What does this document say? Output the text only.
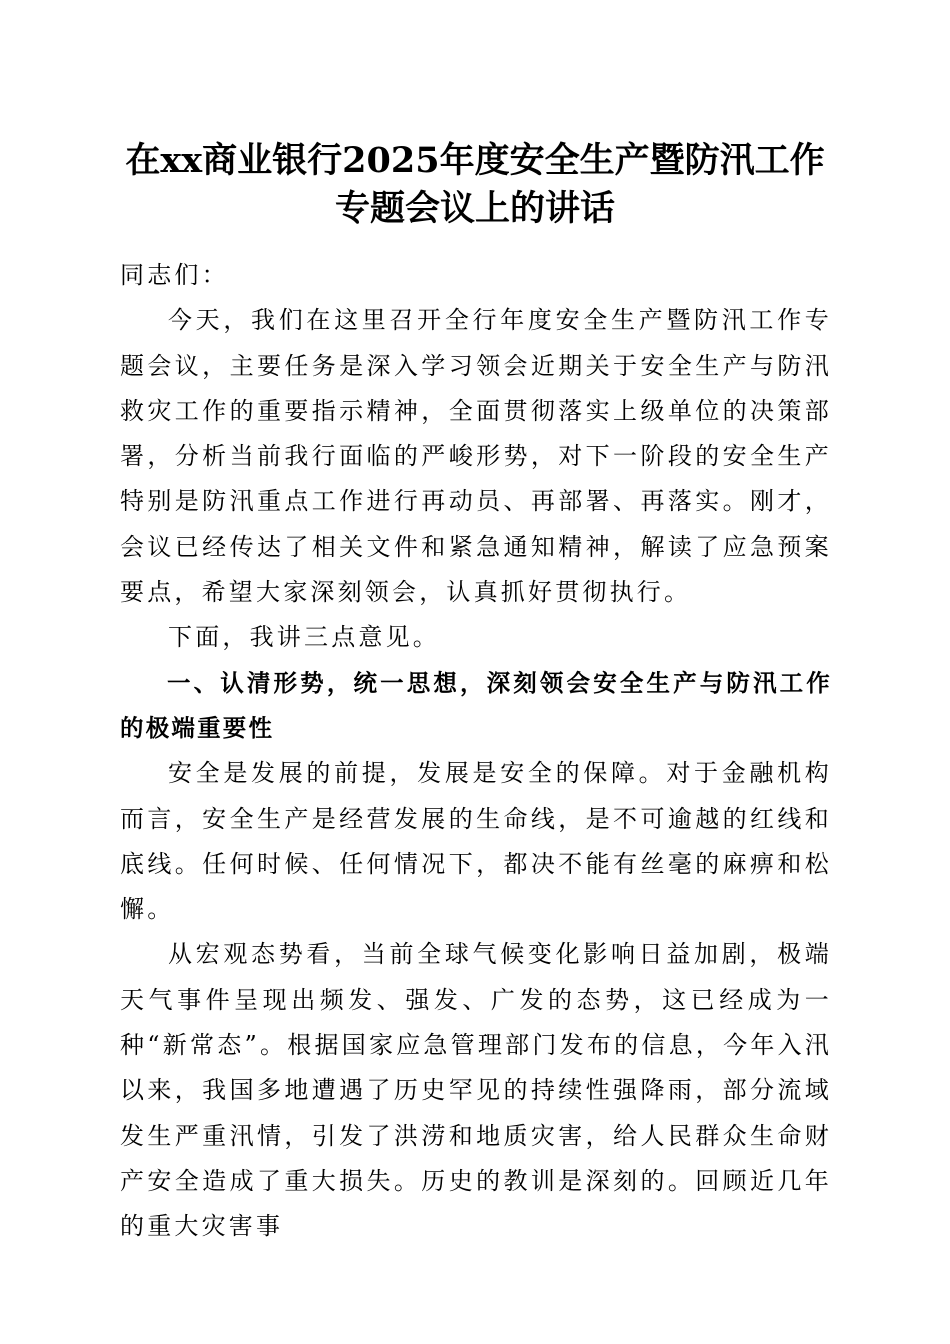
在xx商业银行2025年度安全生产暨防汛工作
专题会议上的讲话

同志们：

今天，我们在这里召开全行年度安全生产暨防汛工作专题会议，主要任务是深入学习领会近期关于安全生产与防汛救灾工作的重要指示精神，全面贯彻落实上级单位的决策部署，分析当前我行面临的严峻形势，对下一阶段的安全生产特别是防汛重点工作进行再动员、再部署、再落实。刚才，会议已经传达了相关文件和紧急通知精神，解读了应急预案要点，希望大家深刻领会，认真抓好贯彻执行。

下面，我讲三点意见。

一、认清形势，统一思想，深刻领会安全生产与防汛工作的极端重要性

安全是发展的前提，发展是安全的保障。对于金融机构而言，安全生产是经营发展的生命线，是不可逾越的红线和底线。任何时候、任何情况下，都决不能有丝毫的麻痹和松懈。

从宏观态势看，当前全球气候变化影响日益加剧，极端天气事件呈现出频发、强发、广发的态势，这已经成为一种“新常态”。根据国家应急管理部门发布的信息，今年入汛以来，我国多地遭遇了历史罕见的持续性强降雨，部分流域发生严重汛情，引发了洪涝和地质灾害，给人民群众生命财产安全造成了重大损失。历史的教训是深刻的。回顾近几年的重大灾害事
